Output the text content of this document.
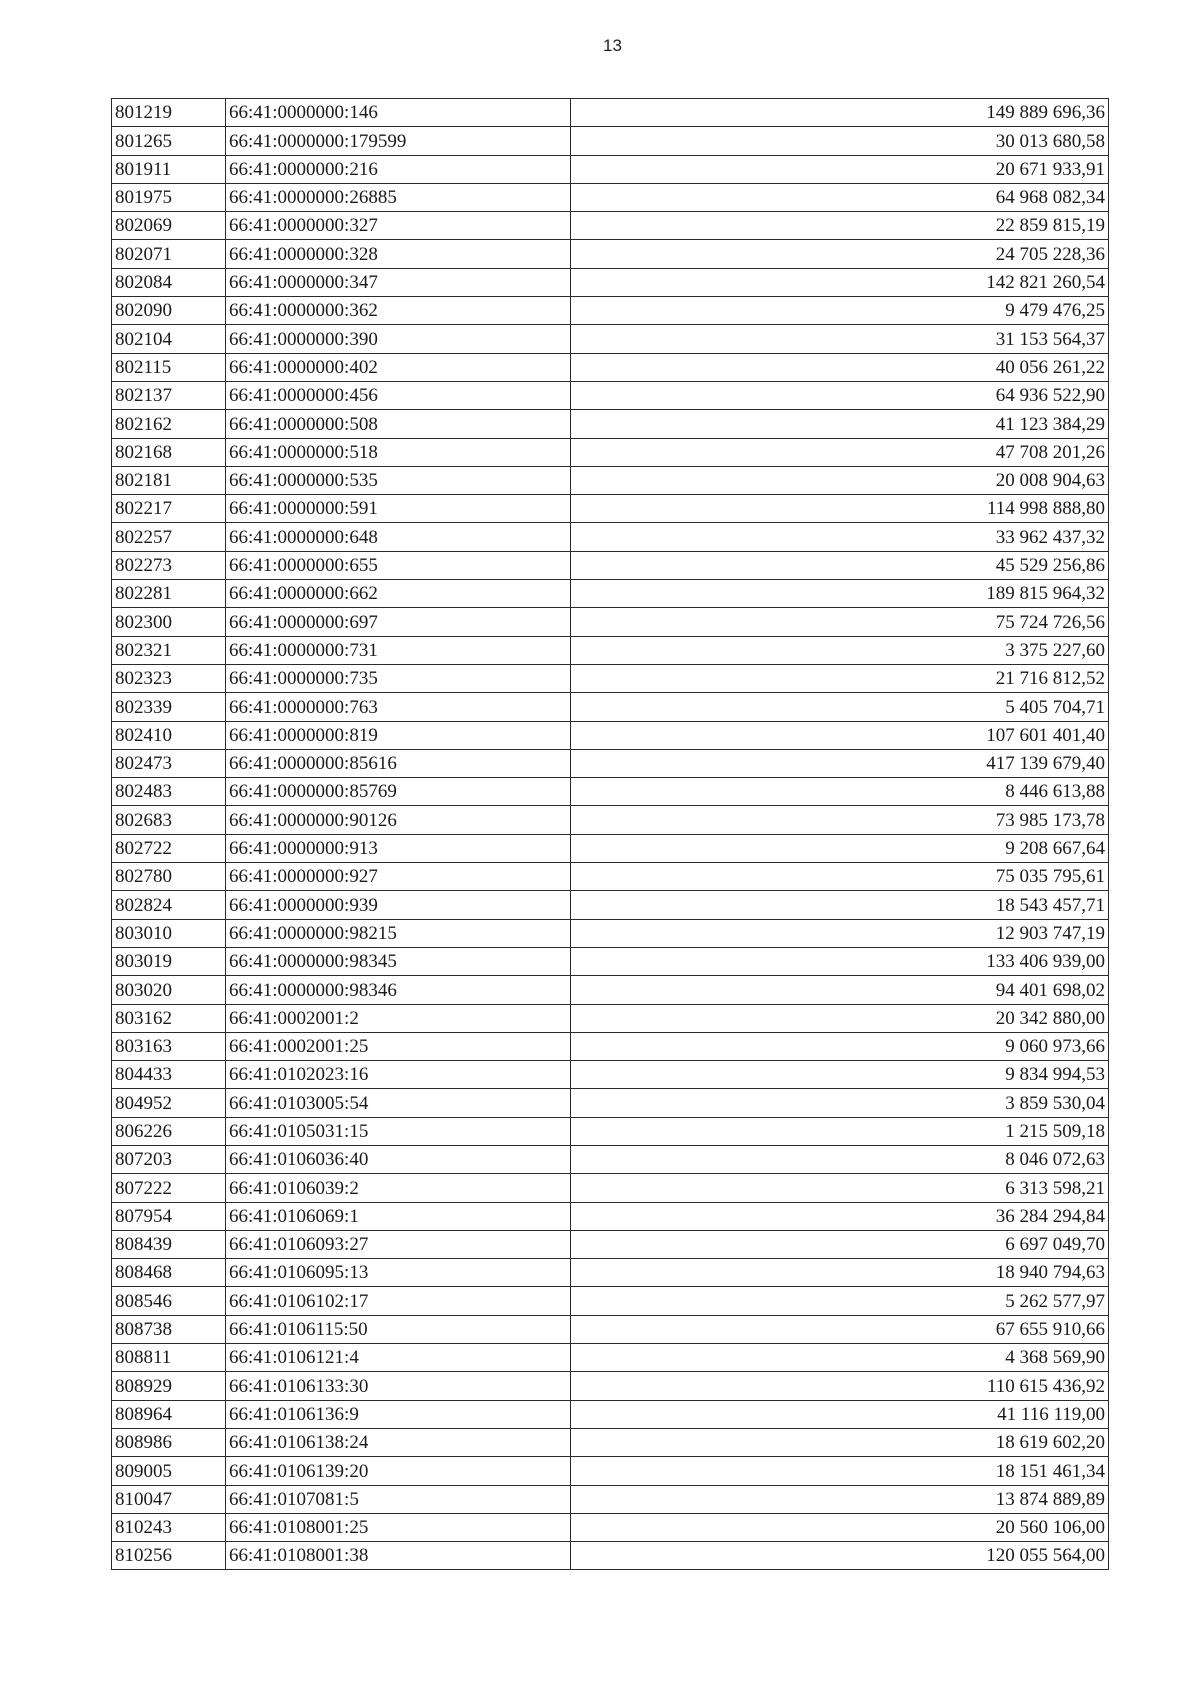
13
801219	66:41:0000000:146	149 889 696,36
801265	66:41:0000000:179599	30 013 680,58
801911	66:41:0000000:216	20 671 933,91
801975	66:41:0000000:26885	64 968 082,34
802069	66:41:0000000:327	22 859 815,19
802071	66:41:0000000:328	24 705 228,36
802084	66:41:0000000:347	142 821 260,54
802090	66:41:0000000:362	9 479 476,25
802104	66:41:0000000:390	31 153 564,37
802115	66:41:0000000:402	40 056 261,22
802137	66:41:0000000:456	64 936 522,90
802162	66:41:0000000:508	41 123 384,29
802168	66:41:0000000:518	47 708 201,26
802181	66:41:0000000:535	20 008 904,63
802217	66:41:0000000:591	114 998 888,80
802257	66:41:0000000:648	33 962 437,32
802273	66:41:0000000:655	45 529 256,86
802281	66:41:0000000:662	189 815 964,32
802300	66:41:0000000:697	75 724 726,56
802321	66:41:0000000:731	3 375 227,60
802323	66:41:0000000:735	21 716 812,52
802339	66:41:0000000:763	5 405 704,71
802410	66:41:0000000:819	107 601 401,40
802473	66:41:0000000:85616	417 139 679,40
802483	66:41:0000000:85769	8 446 613,88
802683	66:41:0000000:90126	73 985 173,78
802722	66:41:0000000:913	9 208 667,64
802780	66:41:0000000:927	75 035 795,61
802824	66:41:0000000:939	18 543 457,71
803010	66:41:0000000:98215	12 903 747,19
803019	66:41:0000000:98345	133 406 939,00
803020	66:41:0000000:98346	94 401 698,02
803162	66:41:0002001:2	20 342 880,00
803163	66:41:0002001:25	9 060 973,66
804433	66:41:0102023:16	9 834 994,53
804952	66:41:0103005:54	3 859 530,04
806226	66:41:0105031:15	1 215 509,18
807203	66:41:0106036:40	8 046 072,63
807222	66:41:0106039:2	6 313 598,21
807954	66:41:0106069:1	36 284 294,84
808439	66:41:0106093:27	6 697 049,70
808468	66:41:0106095:13	18 940 794,63
808546	66:41:0106102:17	5 262 577,97
808738	66:41:0106115:50	67 655 910,66
808811	66:41:0106121:4	4 368 569,90
808929	66:41:0106133:30	110 615 436,92
808964	66:41:0106136:9	41 116 119,00
808986	66:41:0106138:24	18 619 602,20
809005	66:41:0106139:20	18 151 461,34
810047	66:41:0107081:5	13 874 889,89
810243	66:41:0108001:25	20 560 106,00
810256	66:41:0108001:38	120 055 564,00
